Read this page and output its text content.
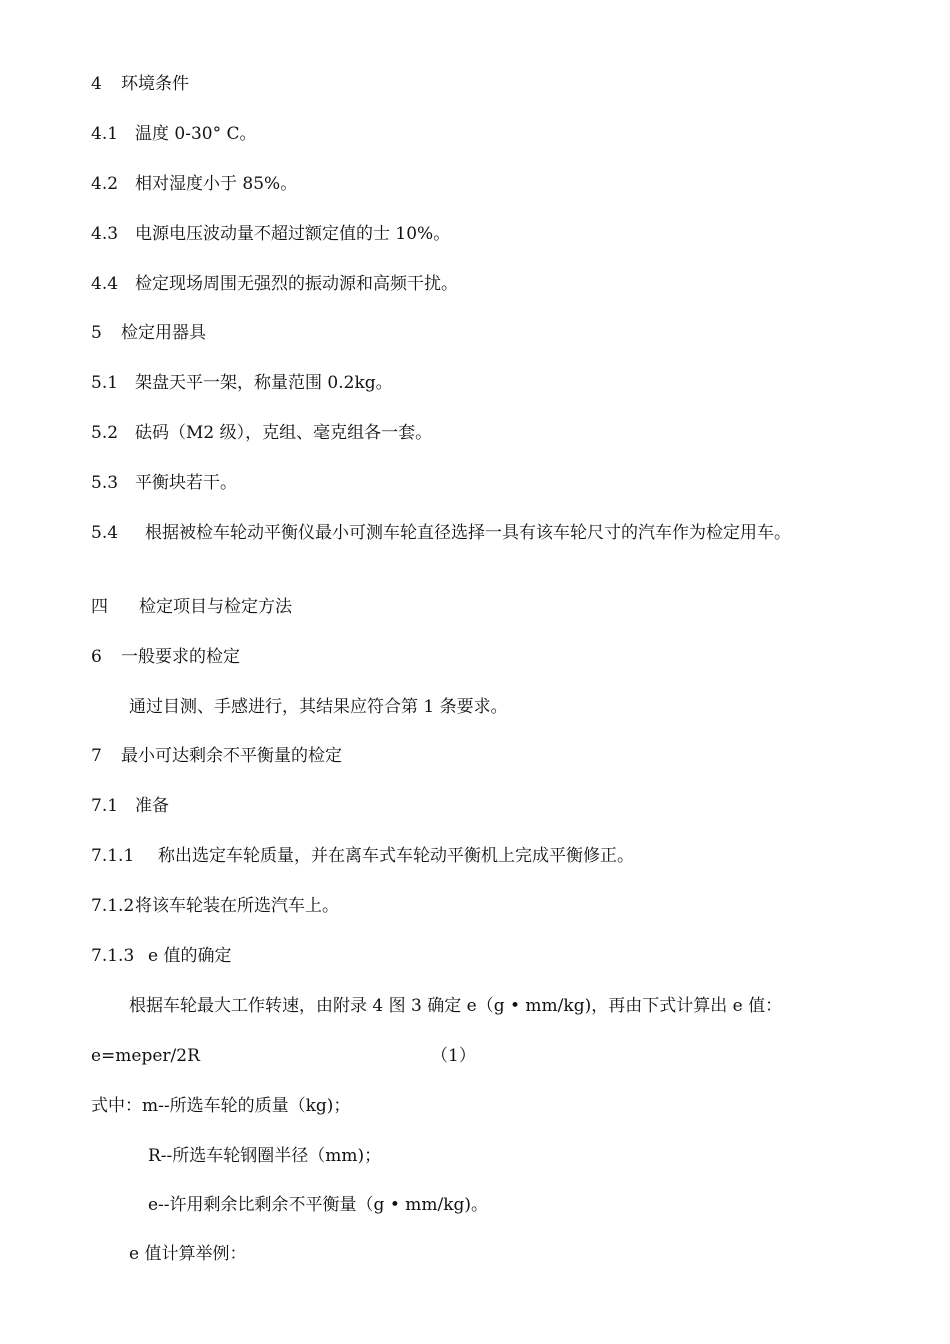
4 环境条件
4.1 温度 0-30° C。
4.2 相对湿度小于 85%。
4.3 电源电压波动量不超过额定值的士 10%。
4.4 检定现场周围无强烈的振动源和高频干扰。
5 检定用器具
5.1 架盘天平一架，称量范围 0.2kg。
5.2 砝码（M2 级），克组、毫克组各一套。
5.3 平衡块若干。
5.4 根据被检车轮动平衡仪最小可测车轮直径选择一具有该车轮尺寸的汽车作为检定用车。
四 检定项目与检定方法
6 一般要求的检定
通过目测、手感进行，其结果应符合第 1 条要求。
7 最小可达剩余不平衡量的检定
7.1 准备
7.1.1 称出选定车轮质量，并在离车式车轮动平衡机上完成平衡修正。
7.1.2将该车轮装在所选汽车上。
7.1.3 e 值的确定
根据车轮最大工作转速，由附录 4 图 3 确定 e（g • mm/kg)，再由下式计算出 e 值：
e=meper/2R	（1）
式中：m--所选车轮的质量（kg)；
R--所选车轮钢圈半径（mm)；
e--许用剩余比剩余不平衡量（g • mm/kg)。
e 值计算举例：
